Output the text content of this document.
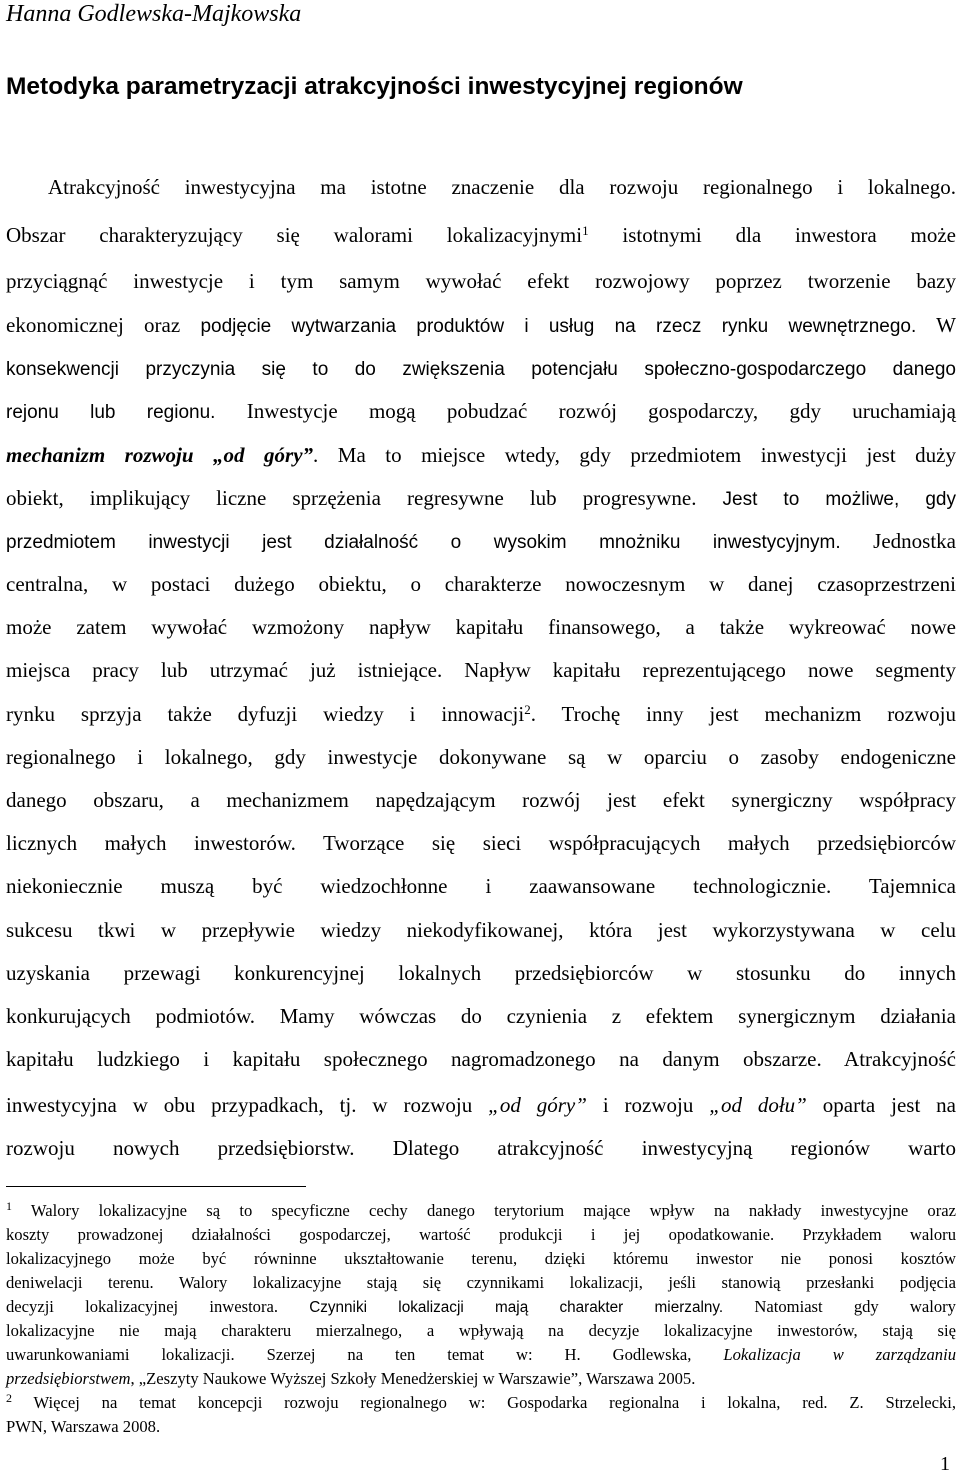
Hanna Godlewska-Majkowska
Metodyka parametryzacji atrakcyjności inwestycyjnej regionów
Atrakcyjność inwestycyjna ma istotne znaczenie dla rozwoju regionalnego i lokalnego.
Obszar charakteryzujący się walorami lokalizacyjnymi$^1$ istotnymi dla inwestora może
przyciągnąć inwestycje i tym samym wywołać efekt rozwojowy poprzez tworzenie bazy
ekonomicznej oraz podjęcie wytwarzania produktów i usług na rzecz rynku wewnętrznego. W
konsekwencji przyczynia się to do zwiększenia potencjału społeczno-gospodarczego danego
rejonu lub regionu. Inwestycje mogą pobudzać rozwój gospodarczy, gdy uruchamiają
mechanizm rozwoju „od góry”. Ma to miejsce wtedy, gdy przedmiotem inwestycji jest duży
obiekt, implikujący liczne sprzężenia regresywne lub progresywne. Jest to możliwe, gdy
przedmiotem inwestycji jest działalność o wysokim mnożniku inwestycyjnym. Jednostka
centralna, w postaci dużego obiektu, o charakterze nowoczesnym w danej czasoprzestrzeni
może zatem wywołać wzmożony napływ kapitału finansowego, a także wykreować nowe
miejsca pracy lub utrzymać już istniejące. Napływ kapitału reprezentującego nowe segmenty
rynku sprzyja także dyfuzji wiedzy i innowacji$^2$. Trochę inny jest mechanizm rozwoju
regionalnego i lokalnego, gdy inwestycje dokonywane są w oparciu o zasoby endogeniczne
danego obszaru, a mechanizmem napędzającym rozwój jest efekt synergiczny współpracy
licznych małych inwestorów. Tworzące się sieci współpracujących małych przedsiębiorców
niekoniecznie muszą być wiedzochłonne i zaawansowane technologicznie. Tajemnica
sukcesu tkwi w przepływie wiedzy niekodyfikowanej, która jest wykorzystywana w celu
uzyskania przewagi konkurencyjnej lokalnych przedsiębiorców w stosunku do innych
konkurujących podmiotów. Mamy wówczas do czynienia z efektem synergicznym działania
kapitału ludzkiego i kapitału społecznego nagromadzonego na danym obszarze. Atrakcyjność
inwestycyjna w obu przypadkach, tj. w rozwoju „od góry” i rozwoju „od dołu” oparta jest na
rozwoju nowych przedsiębiorstw. Dlatego atrakcyjność inwestycyjną regionów warto
$^1$ Walory lokalizacyjne są to specyficzne cechy danego terytorium mające wpływ na nakłady inwestycyjne oraz
koszty prowadzonej działalności gospodarczej, wartość produkcji i jej opodatkowanie. Przykładem waloru
lokalizacyjnego może być równinne ukształtowanie terenu, dzięki któremu inwestor nie ponosi kosztów
deniwelacji terenu. Walory lokalizacyjne stają się czynnikami lokalizacji, jeśli stanowią przesłanki podjęcia
decyzji lokalizacyjnej inwestora. Czynniki lokalizacji mają charakter mierzalny. Natomiast gdy walory
lokalizacyjne nie mają charakteru mierzalnego, a wpływają na decyzje lokalizacyjne inwestorów, stają się
uwarunkowaniami lokalizacji. Szerzej na ten temat w: H. Godlewska, Lokalizacja w zarządzaniu
przedsiębiorstwem, „Zeszyty Naukowe Wyższej Szkoły Menedżerskiej w Warszawie”, Warszawa 2005.
$^2$ Więcej na temat koncepcji rozwoju regionalnego w: Gospodarka regionalna i lokalna, red. Z. Strzelecki,
PWN, Warszawa 2008.
1
